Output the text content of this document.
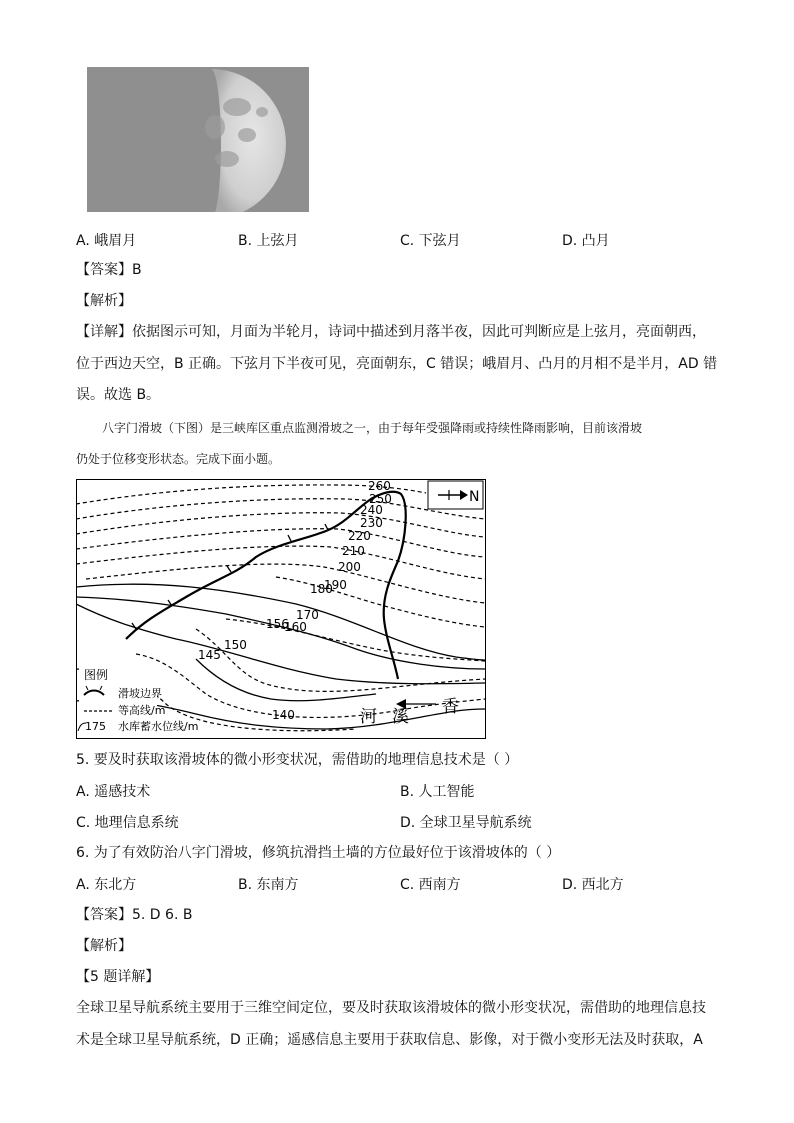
A. 峨眉月	B. 上弦月	C. 下弦月	D. 凸月
【答案】B
【解析】
【详解】依据图示可知，月面为半轮月，诗词中描述到月落半夜，因此可判断应是上弦月，亮面朝西，
位于西边天空，B 正确。下弦月下半夜可见，亮面朝东，C 错误；峨眉月、凸月的月相不是半月，AD 错
误。故选 B。
八字门滑坡（下图）是三峡库区重点监测滑坡之一，由于每年受强降雨或持续性降雨影响，目前该滑坡
仍处于位移变形状态。完成下面小题。
N
260
250
240
230
220
210
200
190
180
170
160
156
150
145
140	香
溪
河
图例
滑坡边界
等高线/m
175 水库蓄水位线/m
5. 要及时获取该滑坡体的微小形变状况，需借助的地理信息技术是（ ）
A. 遥感技术	B. 人工智能
C. 地理信息系统	D. 全球卫星导航系统
6. 为了有效防治八字门滑坡，修筑抗滑挡土墙的方位最好位于该滑坡体的（ ）
A. 东北方	B. 东南方	C. 西南方	D. 西北方
【答案】5. D 6. B
【解析】
【5 题详解】
全球卫星导航系统主要用于三维空间定位，要及时获取该滑坡体的微小形变状况，需借助的地理信息技
术是全球卫星导航系统，D 正确；遥感信息主要用于获取信息、影像，对于微小变形无法及时获取，A
